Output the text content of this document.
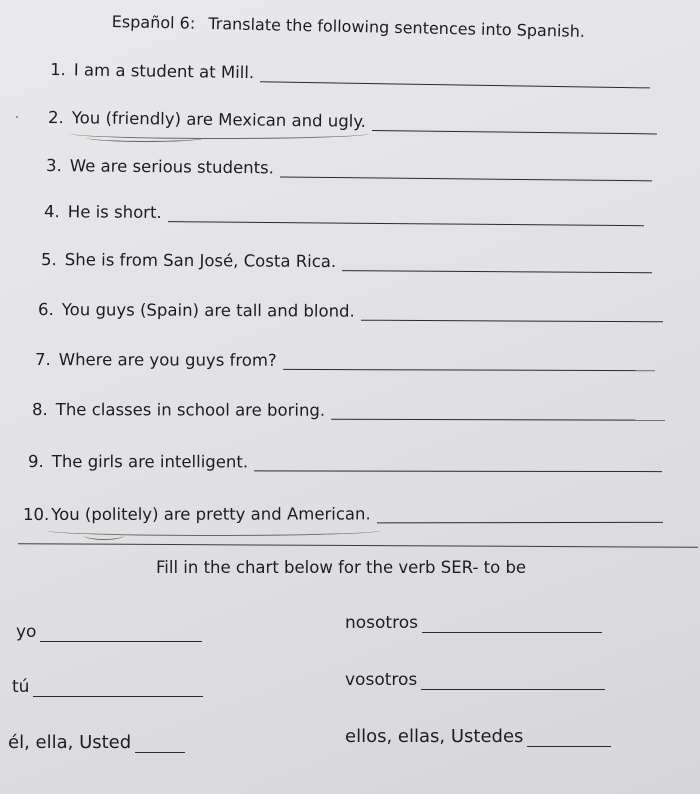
Español 6: Translate the following sentences into Spanish.
1. I am a student at Mill.
2. You (friendly) are Mexican and ugly.
3. We are serious students.
4. He is short.
5. She is from San José, Costa Rica.
6. You guys (Spain) are tall and blond.
7. Where are you guys from?
8. The classes in school are boring.
9. The girls are intelligent.
10. You (politely) are pretty and American.
Fill in the chart below for the verb SER- to be
yo	nosotros
tú	vosotros
él, ella, Usted	ellos, ellas, Ustedes
